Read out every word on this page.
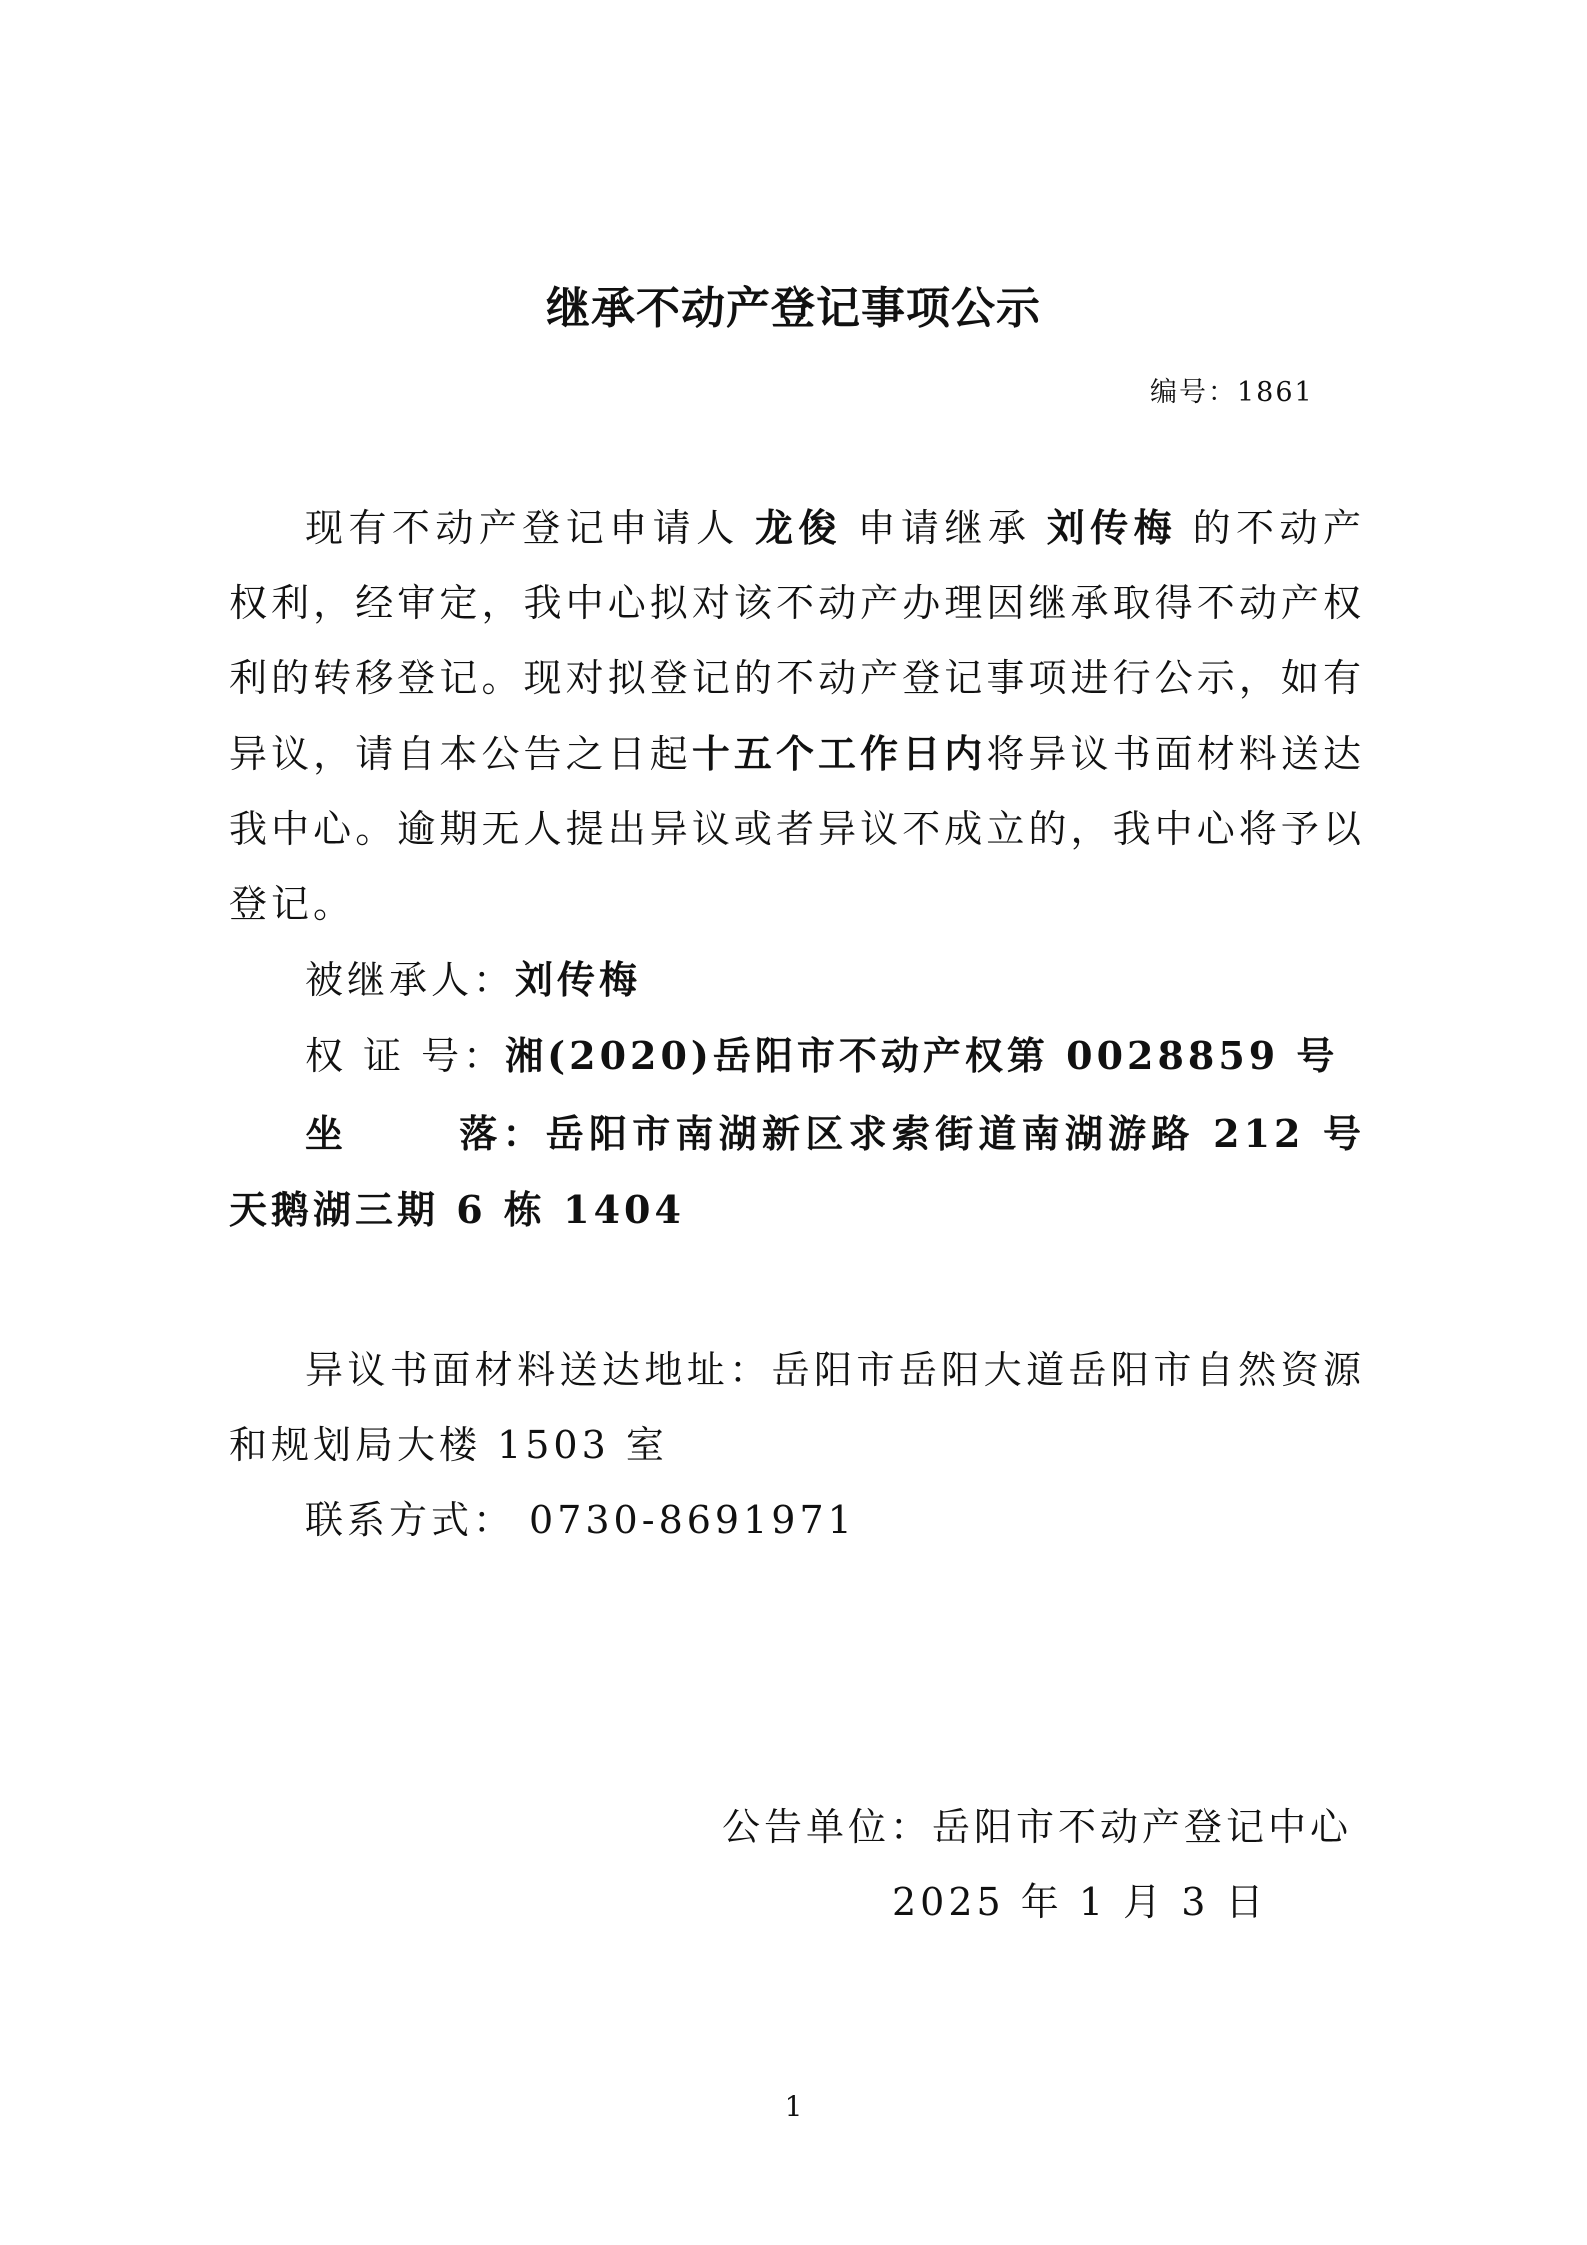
继承不动产登记事项公示
编号：1861

现有不动产登记申请人 龙俊 申请继承 刘传梅 的不动产权利，经审定，我中心拟对该不动产办理因继承取得不动产权利的转移登记。现对拟登记的不动产登记事项进行公示，如有异议，请自本公告之日起十五个工作日内将异议书面材料送达我中心。逾期无人提出异议或者异议不成立的，我中心将予以登记。

被继承人：刘传梅

权 证 号：湘(2020)岳阳市不动产权第 0028859 号

坐      落：岳阳市南湖新区求索街道南湖游路 212 号天鹅湖三期 6 栋 1404

异议书面材料送达地址：岳阳市岳阳大道岳阳市自然资源和规划局大楼 1503 室

联系方式： 0730-8691971

公告单位：岳阳市不动产登记中心
2025 年 1 月 3 日
1
